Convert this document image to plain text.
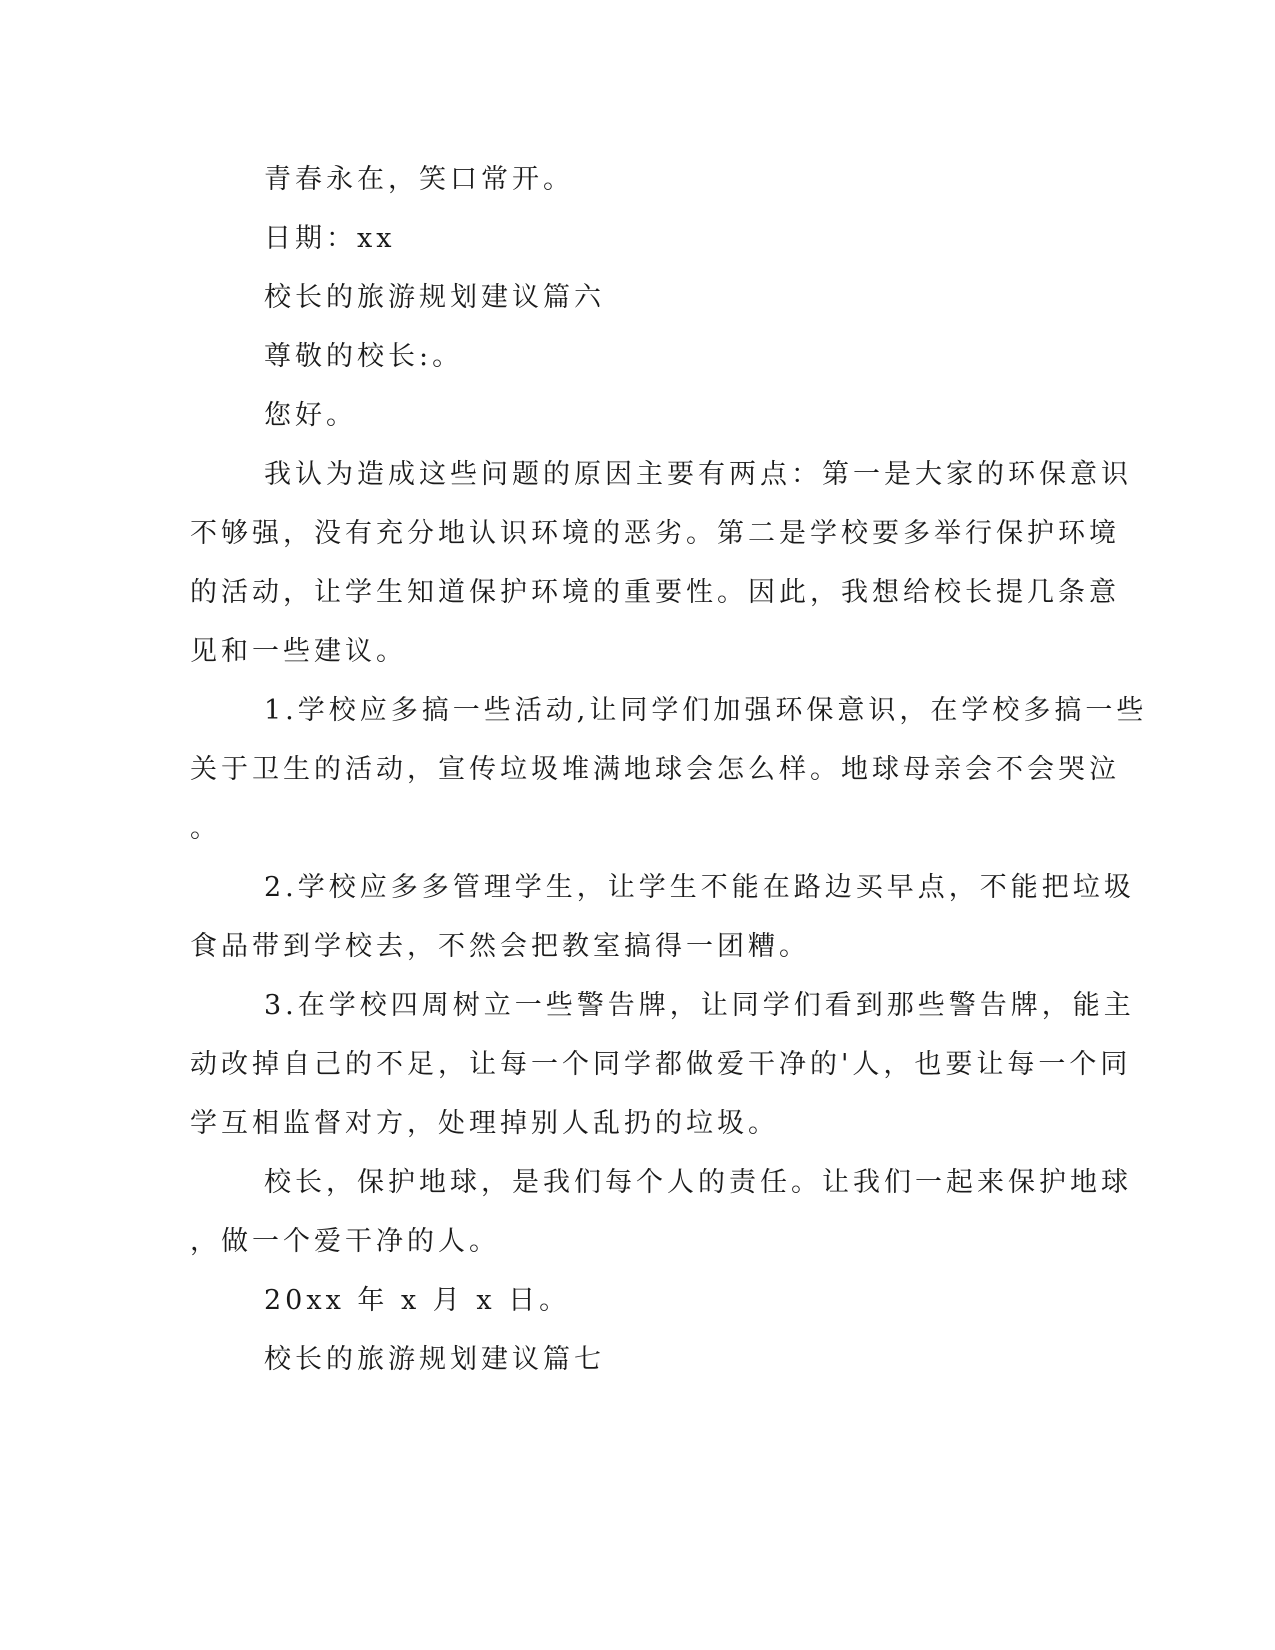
青春永在，笑口常开。
日期：xx
校长的旅游规划建议篇六
尊敬的校长:。
您好。
我认为造成这些问题的原因主要有两点：第一是大家的环保意识
不够强，没有充分地认识环境的恶劣。第二是学校要多举行保护环境
的活动，让学生知道保护环境的重要性。因此，我想给校长提几条意
见和一些建议。
1.学校应多搞一些活动,让同学们加强环保意识，在学校多搞一些
关于卫生的活动，宣传垃圾堆满地球会怎么样。地球母亲会不会哭泣
。
2.学校应多多管理学生，让学生不能在路边买早点，不能把垃圾
食品带到学校去，不然会把教室搞得一团糟。
3.在学校四周树立一些警告牌，让同学们看到那些警告牌，能主
动改掉自己的不足，让每一个同学都做爱干净的'人，也要让每一个同
学互相监督对方，处理掉别人乱扔的垃圾。
校长，保护地球，是我们每个人的责任。让我们一起来保护地球
，做一个爱干净的人。
20xx 年 x 月 x 日。
校长的旅游规划建议篇七
